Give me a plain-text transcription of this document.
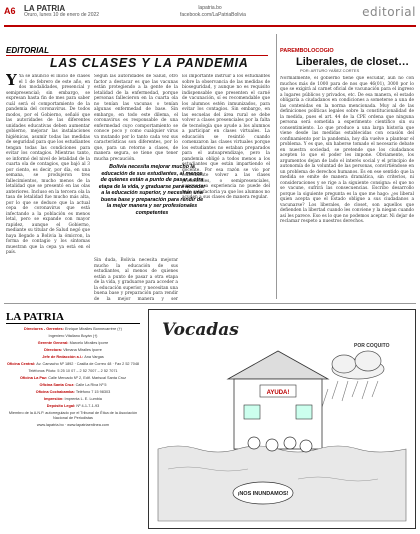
A6 LA PATRIA
Oruro, lunes 10 de enero de 2022
lapatria.bo
facebook.com/LaPatriaBolivia	editorial
EDITORIAL
LAS CLASES Y LA PANDEMIA
Y Ya se anunció el inicio de clases el 1 de febrero de este año, en dos modalidades, presencial y semipresencial; sin embargo, se expresan hasta fin de mes para saber cuál será el comportamiento de la pandemia del coronavirus. De todos modos, por el Gobierno, señaló que las autoridades de las diferentes unidades educativas deben aumentar gobierno, mejorar las instalaciones higiénicas, asumir todas las medidas de seguridad para que los estudiantes tengan todas las condiciones para evitar los contagios. Mientras tanto, se informó del nivel de letalidad de la cuarta ola de contagios, que bajó al 3 por ciento, es decir, por día, en una semana, se produjeron tres fallecimientos, mucho menos de la letalidad que se presentó en las olas anteriores. Incluso en la tercera ola la tasa de letalidad fue mucho más alta, por lo que se deduce que la actual cepa de coronavirus que está infectando a la población es menos letal, pero se expande con mayor rapidez, aunque el Gobierno, mediante su titular de Salud negó que haya llegado a Bolivia la ómicron, la forma de contagio y los síntomas muestran que la cepa ya está en el país.
Según las autoridades de Salud, otro factor a destacar es que las vacunas están protegiendo a la gente de la letalidad de la enfermedad, porque personas fallecieron en la cuarta ola no tenían las vacunas o tenían algunas enfermedad de base. Sin embargo, en todo este dilema, el coronavirus es responsable de una enfermedad cuyo comportamiento se conoce poco y como cualquier virus va mutando por lo tanto cada vez sus características son diferentes, por lo que, para un retorno a clases, de manera segura, se tiene que tener mucha precaución.
Sin duda, Bolivia necesita mejorar mucho la educación de sus estudiantes, al menos de quienes están a punto de pasar a otra etapa de la vida, y graduarse para acceder a la educación superior, y necesitan una buena base y preparación para rendir de la mejor manera y ser
Es importante instruir a los estudiantes sobre la observancia de las medidas de bioseguridad, y aunque no es requisito indispensable que presenten el carné de vacunación, sí es recomendable que los alumnos estén inmunizados, para evitar los contagios. Sin embargo, en las escuelas del área rural se debe volver a clases presenciales por la falta de tecnología que ayude a los alumnos a participar en clases virtuales. La educación se resintió cuando comenzaron las clases virtuales porque los estudiantes no estaban preparados para el autoaprendizaje, pero la pandemia obligó a todos menos a los estudiantes que están impartiendo el docente. Por esa razón se vio por conveniente volver a las clases presenciales, o semipresenciales, aunque esa experiencia no puede del todo satisfactoria ya que los alumnos no acuden a sus clases de manera regular.
Bolivia necesita mejorar mucho la educación de sus estudiantes, al menos de quienes están a punto de pasar a otra etapa de la vida, y graduarse para acceder a la educación superior, y necesitan una buena base y preparación para rendir de la mejor manera y ser profesionales competentes
PAREMBOLOCOGIO
Liberales, de closet…
POR: ARTURO YAÑEZ CORTES
Normalmente, el gobierno tiene que escudar, aún no con muchos más de 1000 para de nos que 46(01), 3000 por lo que se exigirá al carnet oficial de vacunación para el ingreso a lugares públicos y privados, etc. De esa manera, el estado obligaría a ciudadanos en condiciones a someterse a una de las contenidas en la norma mencionada. Muy al de las definiciones políticas legales sobre la constitucionalidad de la medida, pues el art. 44 de la CPE ordena que ninguna persona será sometida a experimento científico sin su consentimiento. Lo que produce a una larga historia que viene desde las medidas establecidas con ocasión del confinamiento por la pandemia, hoy día vuelve a plantear el problema. Y es que, sin haberse tomado el necesario debate en nuestra sociedad, se pretende que los ciudadanos acepten lo que el poder les impone. Obviamente, los argumentos dejan de lado el interés social y el principio de autonomía de la voluntad de las personas, convirtiéndose en un problema de derechos humanos. Es en ese sentido que la medida se emite de manera dramática, sin criterios, ni consideraciones y se rige a la siguiente consigna: el que no se vacune, sufrirá las consecuencias. Escribo desarrollo porque la siguiente pregunta es la que me hago: ¿es liberal quien acepta que el Estado obligue a sus ciudadanos a vacunarse? Los liberales, de closet, son aquellos que defienden la libertad cuando les conviene y la niegan cuando así les parece. Eso es lo que no podemos aceptar. Ni dejar de reclamar respeto a nuestros derechos.
LA PATRIA

Directores - Gerentes: Enrique Miralles Bonnecarrère (†)

Ingeniero Vitaliano Boyán (†)

Gerente General: Marcelo Miralles Iporre

Directora: Vilmana Miralles Iporre

Jefe de Redacción a.i.: Ana Vargas

Oficina Central: Av. Camacho Nº 1892 · Casilla de Correo 48 · Fax 2 52 7048

Teléfonos Piloto: 5 25 10 07 – 2 52 7007 – 2 52 7071

Oficina La Paz: Calle Mercado Nº 2, Edif. Mariscal Santa Cruz

Oficina Santa Cruz: Calle La Riva Nº 5

Oficina Cochabamba: Teléfono 7 15 98303

Impresión: Imprenta L. E. Lumbia

Depósito Legal: Nº 4-1-7-1-93

Miembro de la A.N.P. autorregulado por el Tribunal de Ética de la Asociación Nacional de Periodistas

www.lapatria.bo · www.lapatriaenlinea.com

Vocadas
POR COQUITO
AYUDA!
¡NOS INUNDAMOS!
